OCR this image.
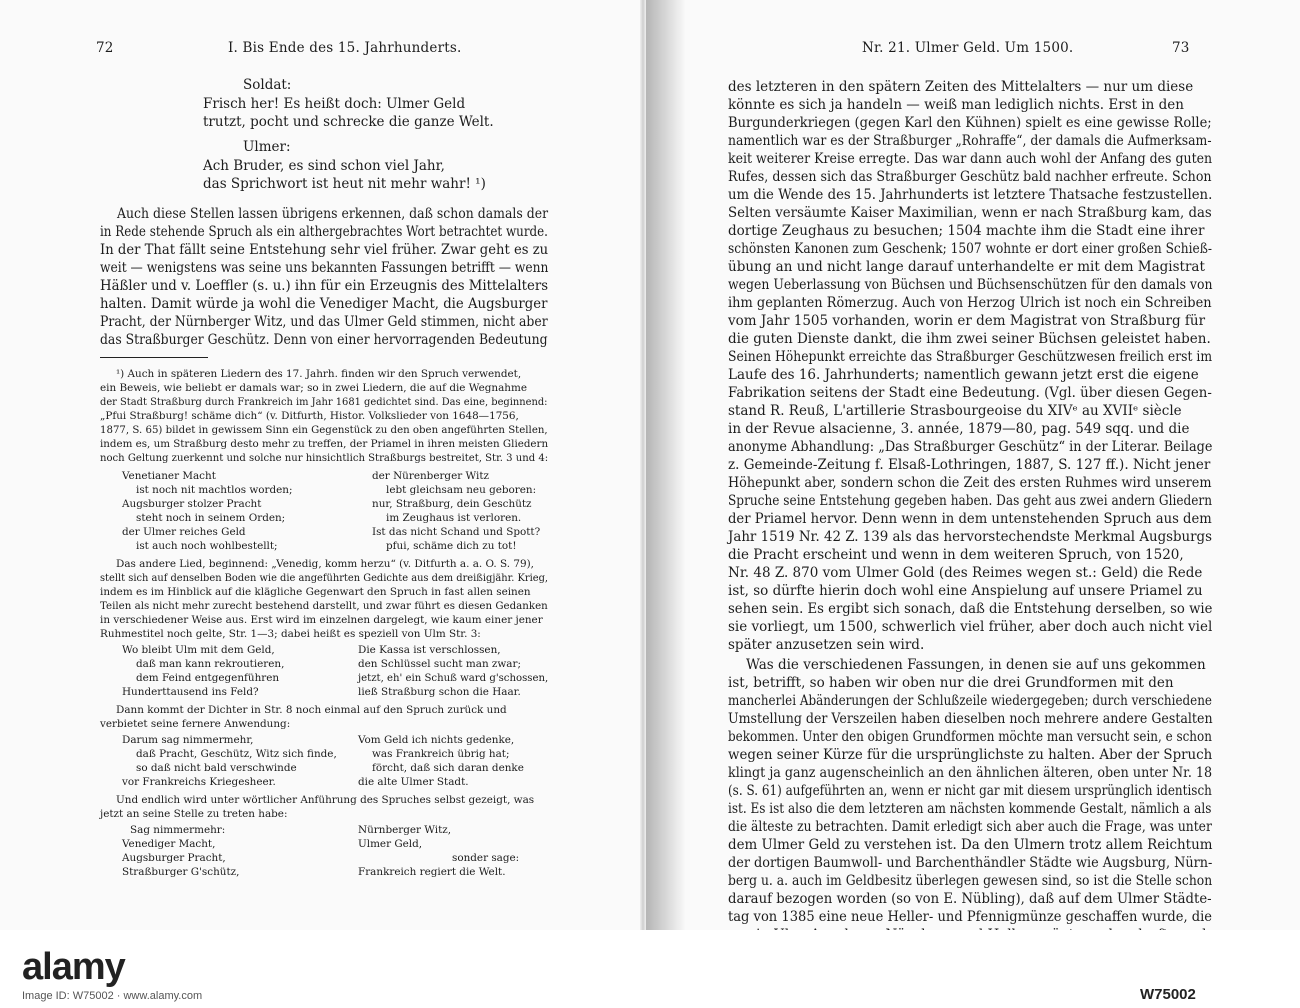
72	I. Bis Ende des 15. Jahrhunderts.	Nr. 21. Ulmer Geld. Um 1500.	73
Soldat:
Frisch her! Es heißt doch: Ulmer Geld
trutzt, pocht und schrecke die ganze Welt.
Ulmer:
Ach Bruder, es sind schon viel Jahr,
das Sprichwort ist heut nit mehr wahr! ¹)
Auch diese Stellen lassen übrigens erkennen, daß schon damals der
in Rede stehende Spruch als ein althergebrachtes Wort betrachtet wurde.
In der That fällt seine Entstehung sehr viel früher. Zwar geht es zu
weit — wenigstens was seine uns bekannten Fassungen betrifft — wenn
Häßler und v. Loeffler (s. u.) ihn für ein Erzeugnis des Mittelalters
halten. Damit würde ja wohl die Venediger Macht, die Augsburger
Pracht, der Nürnberger Witz, und das Ulmer Geld stimmen, nicht aber
das Straßburger Geschütz. Denn von einer hervorragenden Bedeutung
¹) Auch in späteren Liedern des 17. Jahrh. finden wir den Spruch verwendet,
ein Beweis, wie beliebt er damals war; so in zwei Liedern, die auf die Wegnahme
der Stadt Straßburg durch Frankreich im Jahr 1681 gedichtet sind. Das eine, beginnend:
„Pfui Straßburg! schäme dich“ (v. Ditfurth, Histor. Volkslieder von 1648—1756,
1877, S. 65) bildet in gewissem Sinn ein Gegenstück zu den oben angeführten Stellen,
indem es, um Straßburg desto mehr zu treffen, der Priamel in ihren meisten Gliedern
noch Geltung zuerkennt und solche nur hinsichtlich Straßburgs bestreitet, Str. 3 und 4:
Venetianer Macht
ist noch nit machtlos worden;
Augsburger stolzer Pracht
steht noch in seinem Orden;
der Ulmer reiches Geld
ist auch noch wohlbestellt;
der Nürenberger Witz
lebt gleichsam neu geboren:
nur, Straßburg, dein Geschütz
im Zeughaus ist verloren.
Ist das nicht Schand und Spott?
pfui, schäme dich zu tot!
Das andere Lied, beginnend: „Venedig, komm herzu“ (v. Ditfurth a. a. O. S. 79),
stellt sich auf denselben Boden wie die angeführten Gedichte aus dem dreißigjähr. Krieg,
indem es im Hinblick auf die klägliche Gegenwart den Spruch in fast allen seinen
Teilen als nicht mehr zurecht bestehend darstellt, und zwar führt es diesen Gedanken
in verschiedener Weise aus. Erst wird im einzelnen dargelegt, wie kaum einer jener
Ruhmestitel noch gelte, Str. 1—3; dabei heißt es speziell von Ulm Str. 3:
Wo bleibt Ulm mit dem Geld,
daß man kann rekroutieren,
dem Feind entgegenführen
Hunderttausend ins Feld?
Die Kassa ist verschlossen,
den Schlüssel sucht man zwar;
jetzt, eh' ein Schuß ward g'schossen,
ließ Straßburg schon die Haar.
Dann kommt der Dichter in Str. 8 noch einmal auf den Spruch zurück und
verbietet seine fernere Anwendung:
Darum sag nimmermehr,
daß Pracht, Geschütz, Witz sich finde,
so daß nicht bald verschwinde
vor Frankreichs Kriegesheer.
Vom Geld ich nichts gedenke,
was Frankreich übrig hat;
förcht, daß sich daran denke
die alte Ulmer Stadt.
Und endlich wird unter wörtlicher Anführung des Spruches selbst gezeigt, was
jetzt an seine Stelle zu treten habe:
Sag nimmermehr:
Venediger Macht,
Augsburger Pracht,
Straßburger G'schütz,
Nürnberger Witz,
Ulmer Geld,
sonder sage:
Frankreich regiert die Welt.
des letzteren in den spätern Zeiten des Mittelalters — nur um diese
könnte es sich ja handeln — weiß man lediglich nichts. Erst in den
Burgunderkriegen (gegen Karl den Kühnen) spielt es eine gewisse Rolle;
namentlich war es der Straßburger „Rohraffe“, der damals die Aufmerksam-
keit weiterer Kreise erregte. Das war dann auch wohl der Anfang des guten
Rufes, dessen sich das Straßburger Geschütz bald nachher erfreute. Schon
um die Wende des 15. Jahrhunderts ist letztere Thatsache festzustellen.
Selten versäumte Kaiser Maximilian, wenn er nach Straßburg kam, das
dortige Zeughaus zu besuchen; 1504 machte ihm die Stadt eine ihrer
schönsten Kanonen zum Geschenk; 1507 wohnte er dort einer großen Schieß-
übung an und nicht lange darauf unterhandelte er mit dem Magistrat
wegen Ueberlassung von Büchsen und Büchsenschützen für den damals von
ihm geplanten Römerzug. Auch von Herzog Ulrich ist noch ein Schreiben
vom Jahr 1505 vorhanden, worin er dem Magistrat von Straßburg für
die guten Dienste dankt, die ihm zwei seiner Büchsen geleistet haben.
Seinen Höhepunkt erreichte das Straßburger Geschützwesen freilich erst im
Laufe des 16. Jahrhunderts; namentlich gewann jetzt erst die eigene
Fabrikation seitens der Stadt eine Bedeutung. (Vgl. über diesen Gegen-
stand R. Reuß, L'artillerie Strasbourgeoise du XIVᵉ au XVIIᵉ siècle
in der Revue alsacienne, 3. année, 1879—80, pag. 549 sqq. und die
anonyme Abhandlung: „Das Straßburger Geschütz“ in der Literar. Beilage
z. Gemeinde-Zeitung f. Elsaß-Lothringen, 1887, S. 127 ff.). Nicht jener
Höhepunkt aber, sondern schon die Zeit des ersten Ruhmes wird unserem
Spruche seine Entstehung gegeben haben. Das geht aus zwei andern Gliedern
der Priamel hervor. Denn wenn in dem untenstehenden Spruch aus dem
Jahr 1519 Nr. 42 Z. 139 als das hervorstechendste Merkmal Augsburgs
die Pracht erscheint und wenn in dem weiteren Spruch, von 1520,
Nr. 48 Z. 870 vom Ulmer Gold (des Reimes wegen st.: Geld) die Rede
ist, so dürfte hierin doch wohl eine Anspielung auf unsere Priamel zu
sehen sein. Es ergibt sich sonach, daß die Entstehung derselben, so wie
sie vorliegt, um 1500, schwerlich viel früher, aber doch auch nicht viel
später anzusetzen sein wird.
Was die verschiedenen Fassungen, in denen sie auf uns gekommen
ist, betrifft, so haben wir oben nur die drei Grundformen mit den
mancherlei Abänderungen der Schlußzeile wiedergegeben; durch verschiedene
Umstellung der Verszeilen haben dieselben noch mehrere andere Gestalten
bekommen. Unter den obigen Grundformen möchte man versucht sein, e schon
wegen seiner Kürze für die ursprünglichste zu halten. Aber der Spruch
klingt ja ganz augenscheinlich an den ähnlichen älteren, oben unter Nr. 18
(s. S. 61) aufgeführten an, wenn er nicht gar mit diesem ursprünglich identisch
ist. Es ist also die dem letzteren am nächsten kommende Gestalt, nämlich a als
die älteste zu betrachten. Damit erledigt sich aber auch die Frage, was unter
dem Ulmer Geld zu verstehen ist. Da den Ulmern trotz allem Reichtum
der dortigen Baumwoll- und Barchenthändler Städte wie Augsburg, Nürn-
berg u. a. auch im Geldbesitz überlegen gewesen sind, so ist die Stelle schon
darauf bezogen worden (so von E. Nübling), daß auf dem Ulmer Städte-
tag von 1385 eine neue Heller- und Pfennigmünze geschaffen wurde, die
alamy
Image ID: W75002 · www.alamy.com	W75002
